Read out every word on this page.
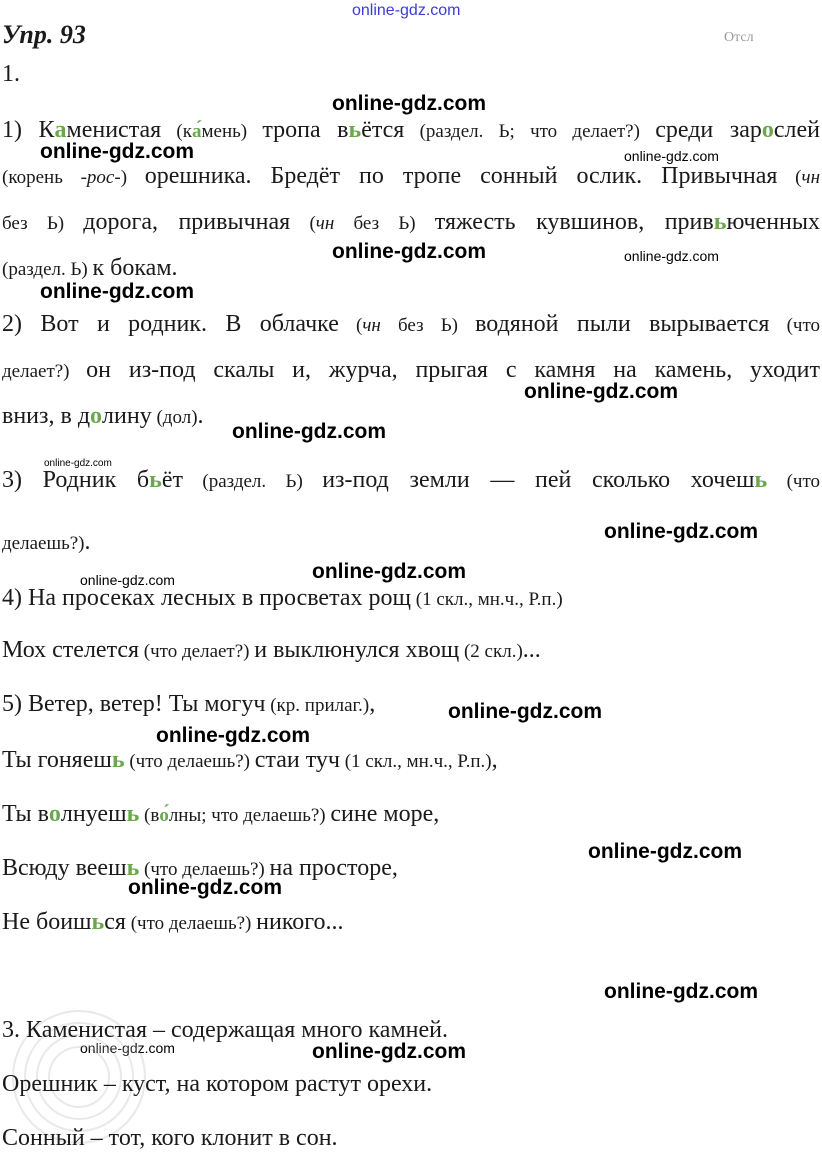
online-gdz.com
online-gdz.com
online-gdz.com	online-gdz.com
online-gdz.com	online-gdz.com
online-gdz.com
online-gdz.com
online-gdz.com
online-gdz.com
online-gdz.com
online-gdz.com
online-gdz.com
online-gdz.com
online-gdz.com
online-gdz.com
online-gdz.com
online-gdz.com
online-gdz.com
online-gdz.com
Упр. 93	Отсл
1.
1) Каменистая (ка́мень) тропа вьётся (раздел. Ь; что делает?) среди зарослей
(корень -рос-) орешника. Бредёт по тропе сонный ослик. Привычная (чн
без Ь) дорога, привычная (чн без Ь) тяжесть кувшинов, привьюченных
(раздел. Ь) к бокам.
2) Вот и родник. В облачке (чн без Ь) водяной пыли вырывается (что
делает?) он из-под скалы и, журча, прыгая с камня на камень, уходит
вниз, в долину (дол).
3) Родник бьёт (раздел. Ь) из-под земли — пей сколько хочешь (что
делаешь?).
4) На просеках лесных в просветах рощ (1 скл., мн.ч., Р.п.)
Мох стелется (что делает?) и выклюнулся хвощ (2 скл.)...
5) Ветер, ветер! Ты могуч (кр. прилаг.),
Ты гоняешь (что делаешь?) стаи туч (1 скл., мн.ч., Р.п.),
Ты волнуешь (во́лны; что делаешь?) сине море,
Всюду веешь (что делаешь?) на просторе,
Не боишься (что делаешь?) никого...
3. Каменистая – содержащая много камней.
Орешник – куст, на котором растут орехи.
Сонный – тот, кого клонит в сон.
